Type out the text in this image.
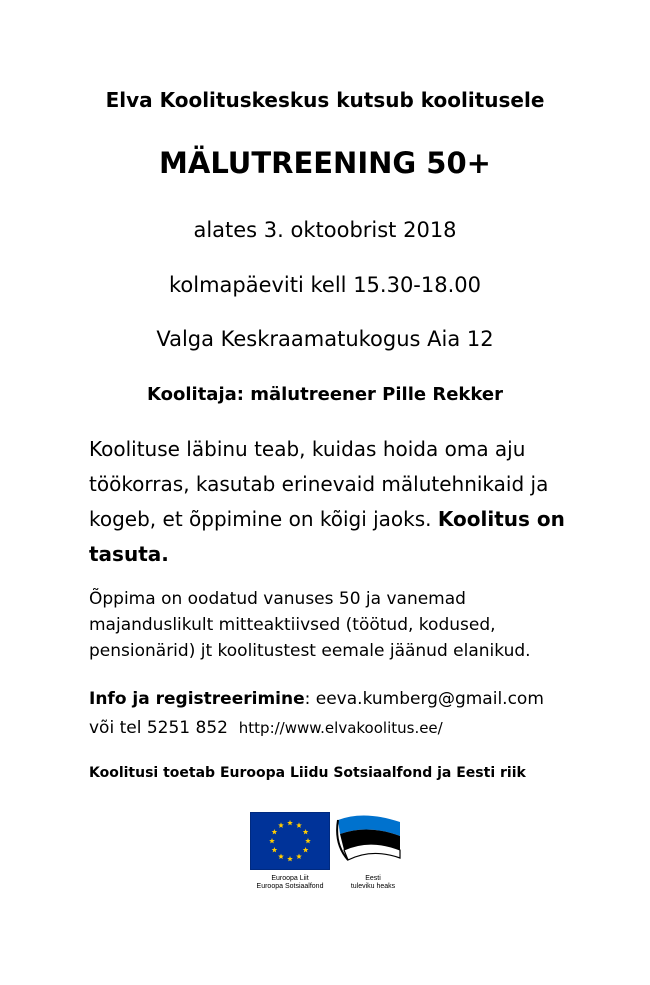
Elva Koolituskeskus kutsub koolitusele
MÄLUTREENING 50+
alates 3. oktoobrist 2018
kolmapäeviti kell 15.30-18.00
Valga Keskraamatukogus Aia 12
Koolitaja: mälutreener Pille Rekker
Koolituse läbinu teab, kuidas hoida oma aju töökorras, kasutab erinevaid mälutehnikaid ja kogeb, et õppimine on kõigi jaoks. Koolitus on tasuta.
Õppima on oodatud vanuses 50 ja vanemad majanduslikult mitteaktiivsed (töötud, kodused, pensionärid) jt koolitustest eemale jäänud elanikud.
Info ja registreerimine: eeva.kumberg@gmail.com
või tel 5251 852 http://www.elvakoolitus.ee/
Koolitusi toetab Euroopa Liidu Sotsiaalfond ja Eesti riik
Euroopa Liit
Euroopa Sotsiaalfond
Eesti
tuleviku heaks
